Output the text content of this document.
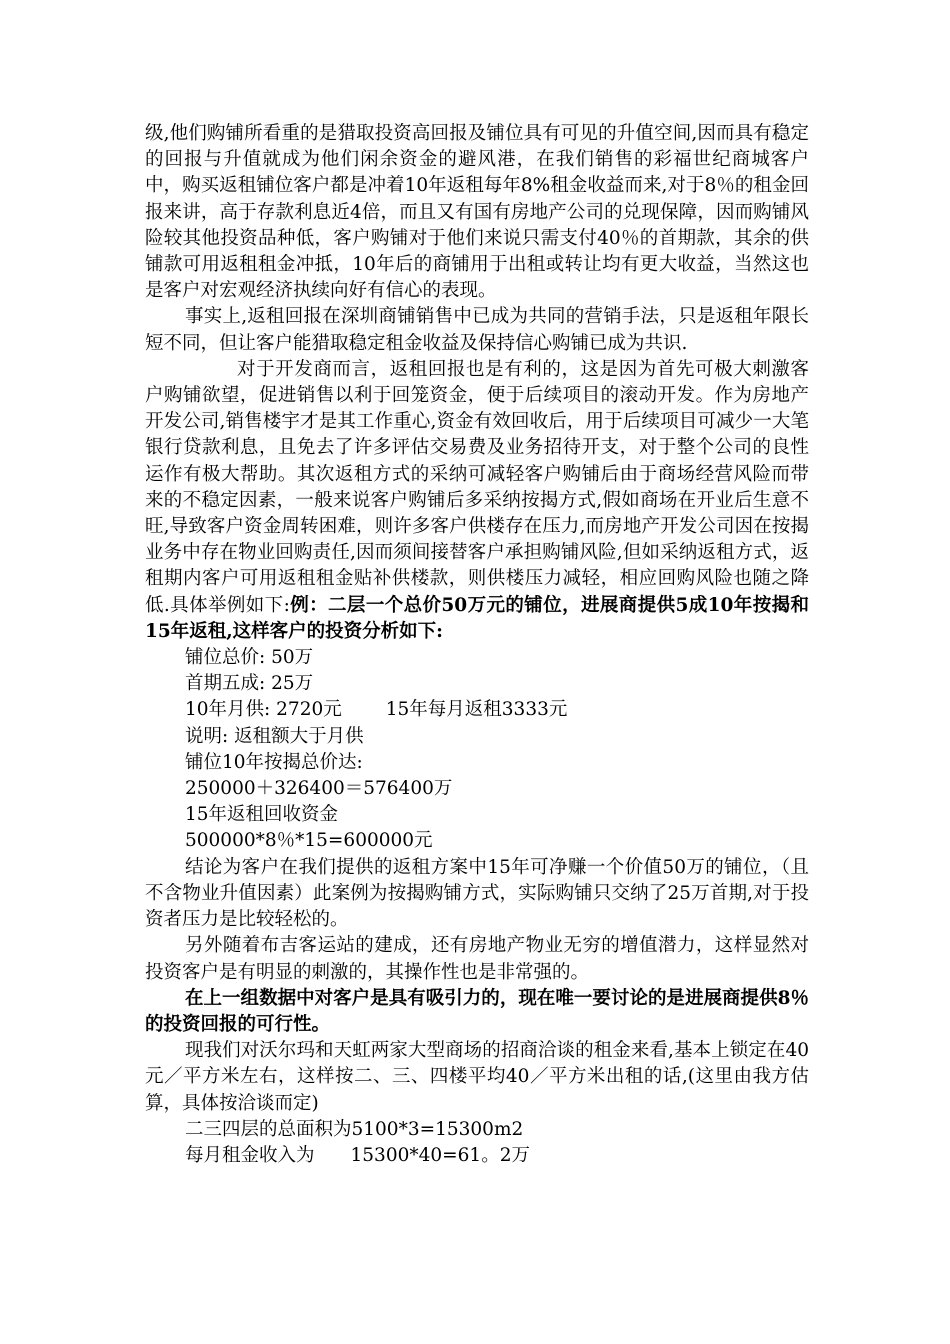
级,他们购铺所看重的是猎取投资高回报及铺位具有可见的升值空间,因而具有稳定的回报与升值就成为他们闲余资金的避风港，在我们销售的彩福世纪商城客户中，购买返租铺位客户都是冲着10年返租每年8%租金收益而来,对于8％的租金回报来讲，高于存款利息近4倍，而且又有国有房地产公司的兑现保障，因而购铺风险较其他投资品种低，客户购铺对于他们来说只需支付40％的首期款，其余的供铺款可用返租租金冲抵，10年后的商铺用于出租或转让均有更大收益，当然这也是客户对宏观经济执续向好有信心的表现。

事实上,返租回报在深圳商铺销售中已成为共同的营销手法，只是返租年限长短不同，但让客户能猎取稳定租金收益及保持信心购铺已成为共识.

对于开发商而言，返租回报也是有利的，这是因为首先可极大刺激客户购铺欲望，促进销售以利于回笼资金，便于后续项目的滚动开发。作为房地产开发公司,销售楼宇才是其工作重心,资金有效回收后，用于后续项目可减少一大笔银行贷款利息，且免去了许多评估交易费及业务招待开支，对于整个公司的良性运作有极大帮助。其次返租方式的采纳可减轻客户购铺后由于商场经营风险而带来的不稳定因素，一般来说客户购铺后多采纳按揭方式,假如商场在开业后生意不旺,导致客户资金周转困难，则许多客户供楼存在压力,而房地产开发公司因在按揭业务中存在物业回购责任,因而须间接替客户承担购铺风险,但如采纳返租方式，返租期内客户可用返租租金贴补供楼款，则供楼压力减轻，相应回购风险也随之降低.具体举例如下:例：二层一个总价50万元的铺位，进展商提供5成10年按揭和15年返租,这样客户的投资分析如下:

铺位总价: 50万

首期五成: 25万

10年月供: 2720元 15年每月返租3333元

说明: 返租额大于月供

铺位10年按揭总价达:

250000＋326400＝576400万

15年返租回收资金

500000*8％*15=600000元

结论为客户在我们提供的返租方案中15年可净赚一个价值50万的铺位，（且不含物业升值因素）此案例为按揭购铺方式，实际购铺只交纳了25万首期,对于投资者压力是比较轻松的。

另外随着布吉客运站的建成，还有房地产物业无穷的增值潜力，这样显然对投资客户是有明显的刺激的，其操作性也是非常强的。

在上一组数据中对客户是具有吸引力的，现在唯一要讨论的是进展商提供8％的投资回报的可行性。

现我们对沃尔玛和天虹两家大型商场的招商洽谈的租金来看,基本上锁定在40元／平方米左右，这样按二、三、四楼平均40／平方米出租的话,(这里由我方估算，具体按洽谈而定)

二三四层的总面积为5100*3=15300m2

每月租金收入为 15300*40=61。2万
